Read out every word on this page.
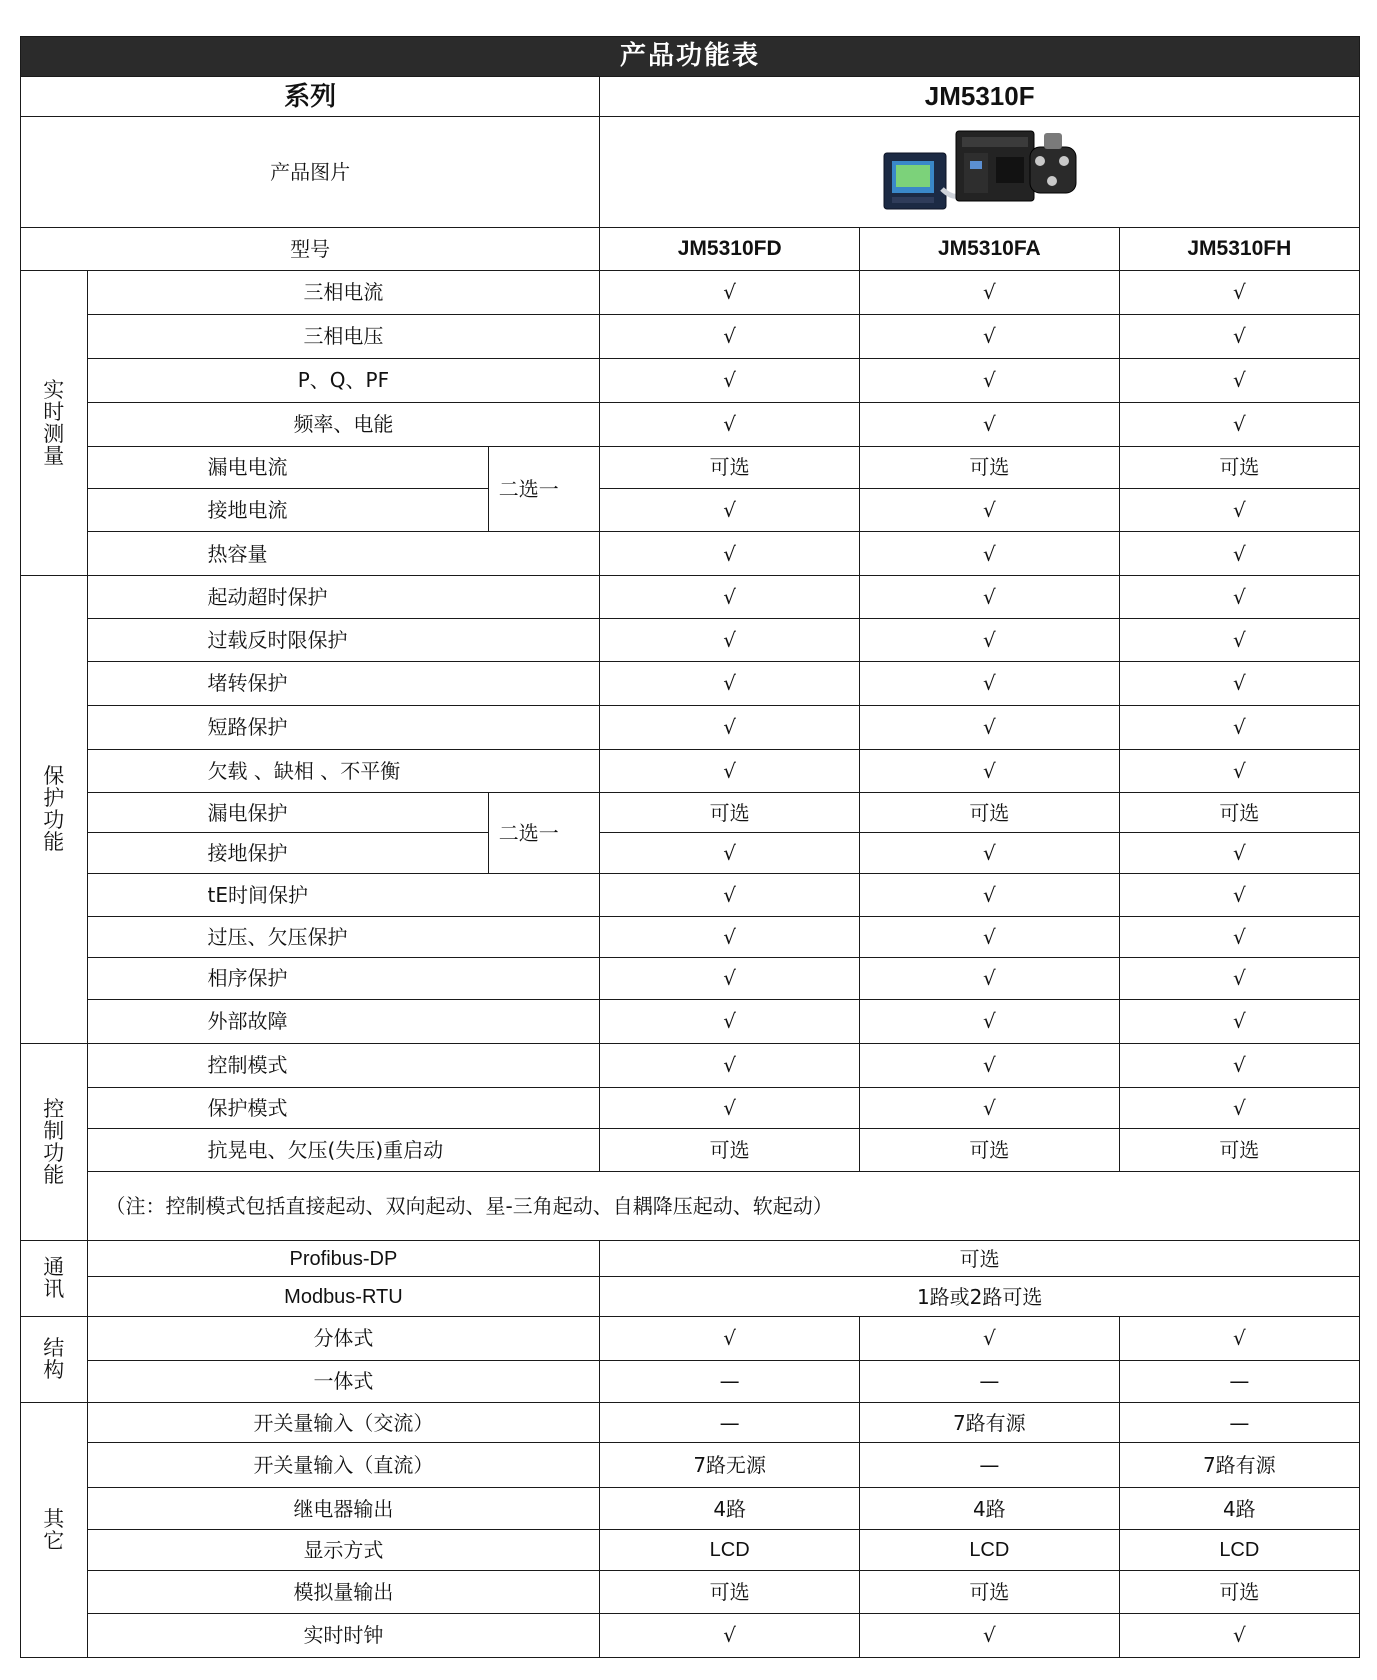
产品功能表					
系列			JM5310F		
产品图片	

型号			JM5310FD	JM5310FA	JM5310FH

实
时
测
量	三相电流		√	√	√
	三相电压		√	√	√
	P、Q、PF		√	√	√
	频率、电能		√	√	√
	漏电电流	二选一	可选	可选	可选
	接地电流		√	√	√
	热容量		√	√	√

保
护
功
能	起动超时保护		√	√	√
	过载反时限保护		√	√	√
	堵转保护		√	√	√
	短路保护		√	√	√
	欠载 、缺相 、不平衡		√	√	√
	漏电保护	二选一	可选	可选	可选
	接地保护		√	√	√
	tE时间保护		√	√	√
	过压、欠压保护		√	√	√
	相序保护		√	√	√
	外部故障		√	√	√

控
制
功
能	控制模式		√	√	√
	保护模式		√	√	√
	抗晃电、欠压(失压)重启动		可选	可选	可选
	（注：控制模式包括直接起动、双向起动、星-三角起动、自耦降压起动、软起动）				

通
讯	Profibus-DP		可选		
	Modbus-RTU		1路或2路可选		

结
构	分体式		√	√	√
	一体式		—	—	—

其
它	开关量输入（交流）		—	7路有源	—
	开关量输入（直流）		7路无源	—	7路有源
	继电器输出		4路	4路	4路
	显示方式		LCD	LCD	LCD
	模拟量输出		可选	可选	可选
	实时时钟		√	√	√
